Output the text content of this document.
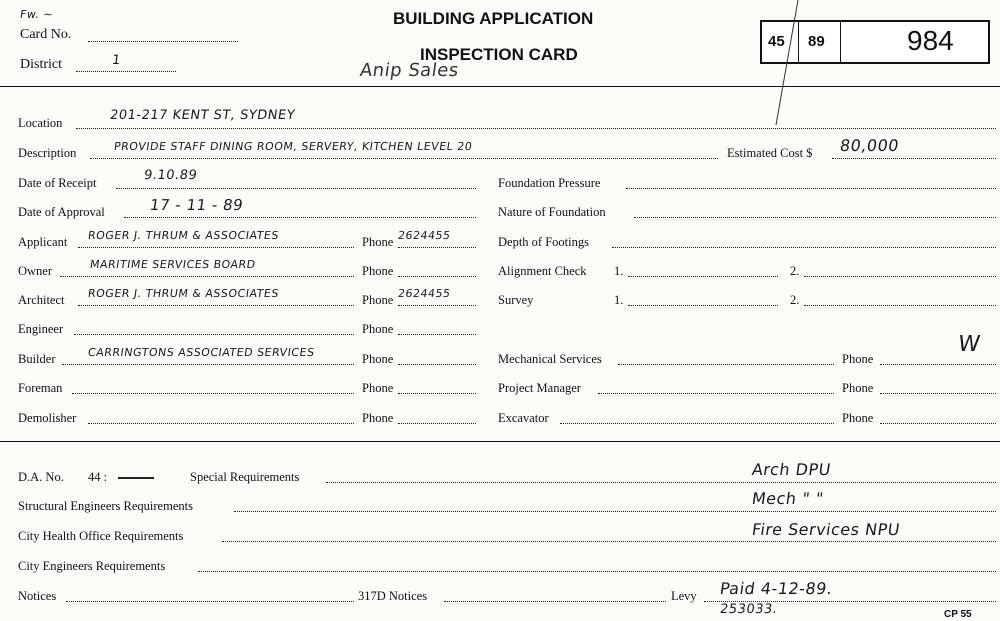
Fw. ~
Card No.
District	1
BUILDING APPLICATION
INSPECTION CARD
Anip Sales
45 89	984
Location	201-217 KENT ST, SYDNEY
Description	PROVIDE STAFF DINING ROOM, SERVERY, KITCHEN LEVEL 20	Estimated Cost $ 80,000
Date of Receipt	9.10.89
Date of Approval	17 - 11 - 89
Applicant ROGER J. THRUM & ASSOCIATES	Phone 2624455
Owner	MARITIME SERVICES BOARD	Phone
Architect ROGER J. THRUM & ASSOCIATES	Phone 2624455
Engineer	Phone
Builder	CARRINGTONS ASSOCIATED SERVICES	Phone
Foreman	Phone
Demolisher	Phone
Foundation Pressure
Nature of Foundation
Depth of Footings
Alignment Check 1.	2.
Survey	1.	2.
Mechanical Services	Phone
W
Project Manager	Phone
Excavator	Phone
D.A. No. 44 :	Special Requirements	Arch DPU
Structural Engineers Requirements	Mech " "
City Health Office Requirements	Fire Services NPU
City Engineers Requirements
Notices	317D Notices	Levy Paid 4-12-89.
253033.	CP 55
